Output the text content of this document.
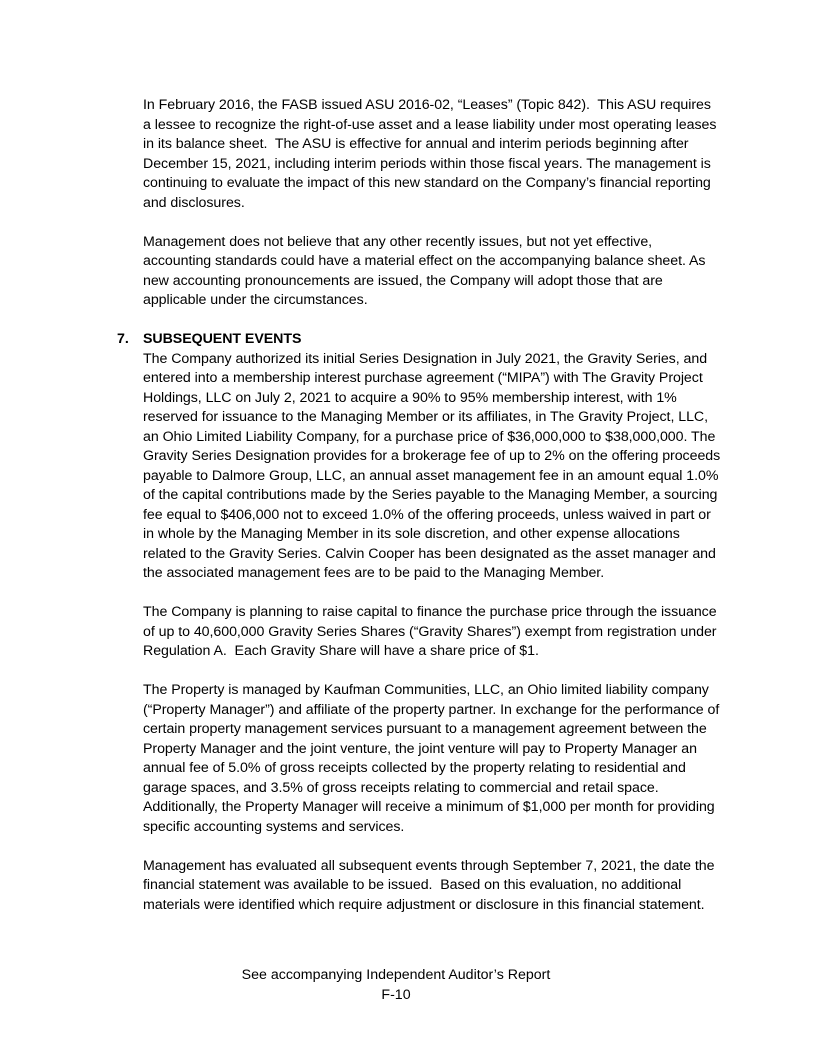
In February 2016, the FASB issued ASU 2016-02, “Leases” (Topic 842).  This ASU requires a lessee to recognize the right-of-use asset and a lease liability under most operating leases in its balance sheet.  The ASU is effective for annual and interim periods beginning after December 15, 2021, including interim periods within those fiscal years. The management is continuing to evaluate the impact of this new standard on the Company’s financial reporting and disclosures.

Management does not believe that any other recently issues, but not yet effective, accounting standards could have a material effect on the accompanying balance sheet. As new accounting pronouncements are issued, the Company will adopt those that are applicable under the circumstances.

7. SUBSEQUENT EVENTS

The Company authorized its initial Series Designation in July 2021, the Gravity Series, and entered into a membership interest purchase agreement (“MIPA”) with The Gravity Project Holdings, LLC on July 2, 2021 to acquire a 90% to 95% membership interest, with 1% reserved for issuance to the Managing Member or its affiliates, in The Gravity Project, LLC, an Ohio Limited Liability Company, for a purchase price of $36,000,000 to $38,000,000. The Gravity Series Designation provides for a brokerage fee of up to 2% on the offering proceeds payable to Dalmore Group, LLC, an annual asset management fee in an amount equal 1.0% of the capital contributions made by the Series payable to the Managing Member, a sourcing fee equal to $406,000 not to exceed 1.0% of the offering proceeds, unless waived in part or in whole by the Managing Member in its sole discretion, and other expense allocations related to the Gravity Series. Calvin Cooper has been designated as the asset manager and the associated management fees are to be paid to the Managing Member.

The Company is planning to raise capital to finance the purchase price through the issuance of up to 40,600,000 Gravity Series Shares (“Gravity Shares”) exempt from registration under Regulation A.  Each Gravity Share will have a share price of $1.

The Property is managed by Kaufman Communities, LLC, an Ohio limited liability company (“Property Manager”) and affiliate of the property partner. In exchange for the performance of certain property management services pursuant to a management agreement between the Property Manager and the joint venture, the joint venture will pay to Property Manager an annual fee of 5.0% of gross receipts collected by the property relating to residential and garage spaces, and 3.5% of gross receipts relating to commercial and retail space. Additionally, the Property Manager will receive a minimum of $1,000 per month for providing specific accounting systems and services.

Management has evaluated all subsequent events through September 7, 2021, the date the financial statement was available to be issued.  Based on this evaluation, no additional materials were identified which require adjustment or disclosure in this financial statement.

See accompanying Independent Auditor’s Report
F-10
